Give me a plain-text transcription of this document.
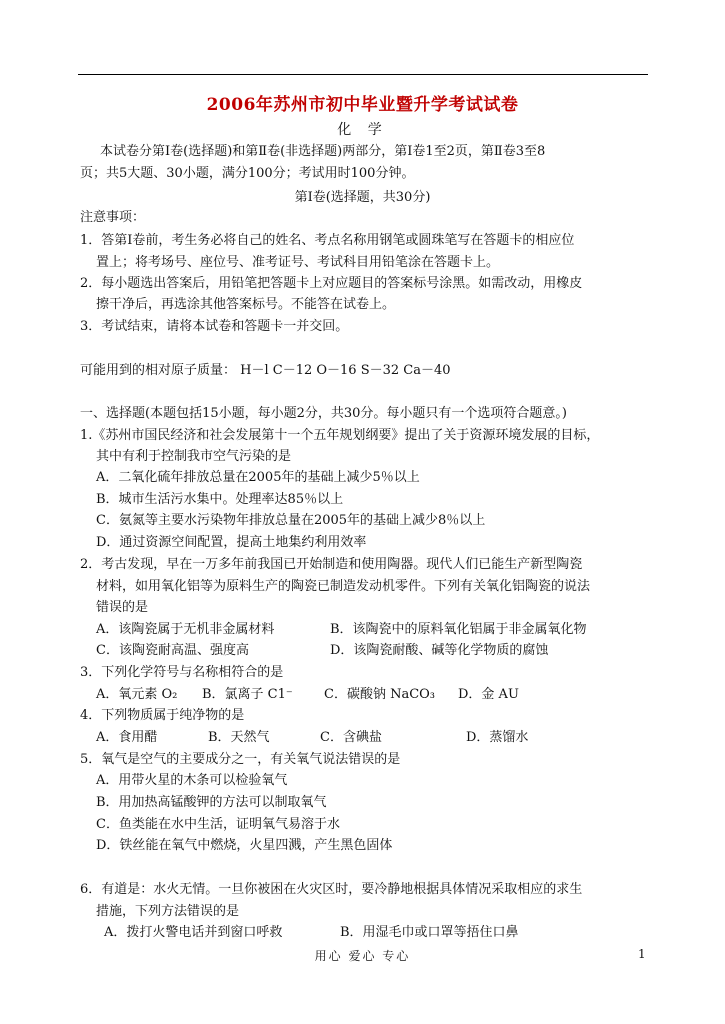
2006年苏州市初中毕业暨升学考试试卷
化 学
本试卷分第Ⅰ卷(选择题)和第Ⅱ卷(非选择题)两部分，第Ⅰ卷1至2页，第Ⅱ卷3至8
页；共5大题、30小题，满分100分；考试用时100分钟。
第Ⅰ卷(选择题，共30分)
注意事项：
1．答第Ⅰ卷前，考生务必将自己的姓名、考点名称用钢笔或圆珠笔写在答题卡的相应位
置上；将考场号、座位号、准考证号、考试科目用铅笔涂在答题卡上。
2．每小题选出答案后，用铅笔把答题卡上对应题目的答案标号涂黑。如需改动，用橡皮
擦干净后，再选涂其他答案标号。不能答在试卷上。
3．考试结束，请将本试卷和答题卡一并交回。
可能用到的相对原子质量： H－l C－12 O－16 S－32 Ca－40
一、选择题(本题包括15小题，每小题2分，共30分。每小题只有一个选项符合题意。)
1.《苏州市国民经济和社会发展第十一个五年规划纲要》提出了关于资源环境发展的目标，
其中有利于控制我市空气污染的是
A．二氧化硫年排放总量在2005年的基础上减少5％以上
B．城市生活污水集中。处理率达85％以上
C．氨氮等主要水污染物年排放总量在2005年的基础上减少8％以上
D．通过资源空间配置，提高土地集约利用效率
2．考古发现，早在一万多年前我国已开始制造和使用陶器。现代人们已能生产新型陶瓷
材料，如用氧化铝等为原料生产的陶瓷已制造发动机零件。下列有关氧化铝陶瓷的说法
错误的是
A．该陶瓷属于无机非金属材料	B．该陶瓷中的原料氧化铝属于非金属氧化物
C．该陶瓷耐高温、强度高	D．该陶瓷耐酸、碱等化学物质的腐蚀
3．下列化学符号与名称相符合的是
A．氧元素 O₂ B．氯离子 C1⁻ C．碳酸钠 NaCO₃ D．金 AU
4．下列物质属于纯净物的是
A．食用醋	B．天然气	C．含碘盐	D．蒸馏水
5．氧气是空气的主要成分之一，有关氧气说法错误的是
A．用带火星的木条可以检验氧气
B．用加热高锰酸钾的方法可以制取氧气
C．鱼类能在水中生活，证明氧气易溶于水
D．铁丝能在氧气中燃烧，火星四溅，产生黑色固体
6．有道是：水火无情。一旦你被困在火灾区时，要冷静地根据具体情况采取相应的求生
措施，下列方法错误的是
A．拨打火警电话并到窗口呼救	B．用湿毛巾或口罩等捂住口鼻
用心 爱心 专心	1
